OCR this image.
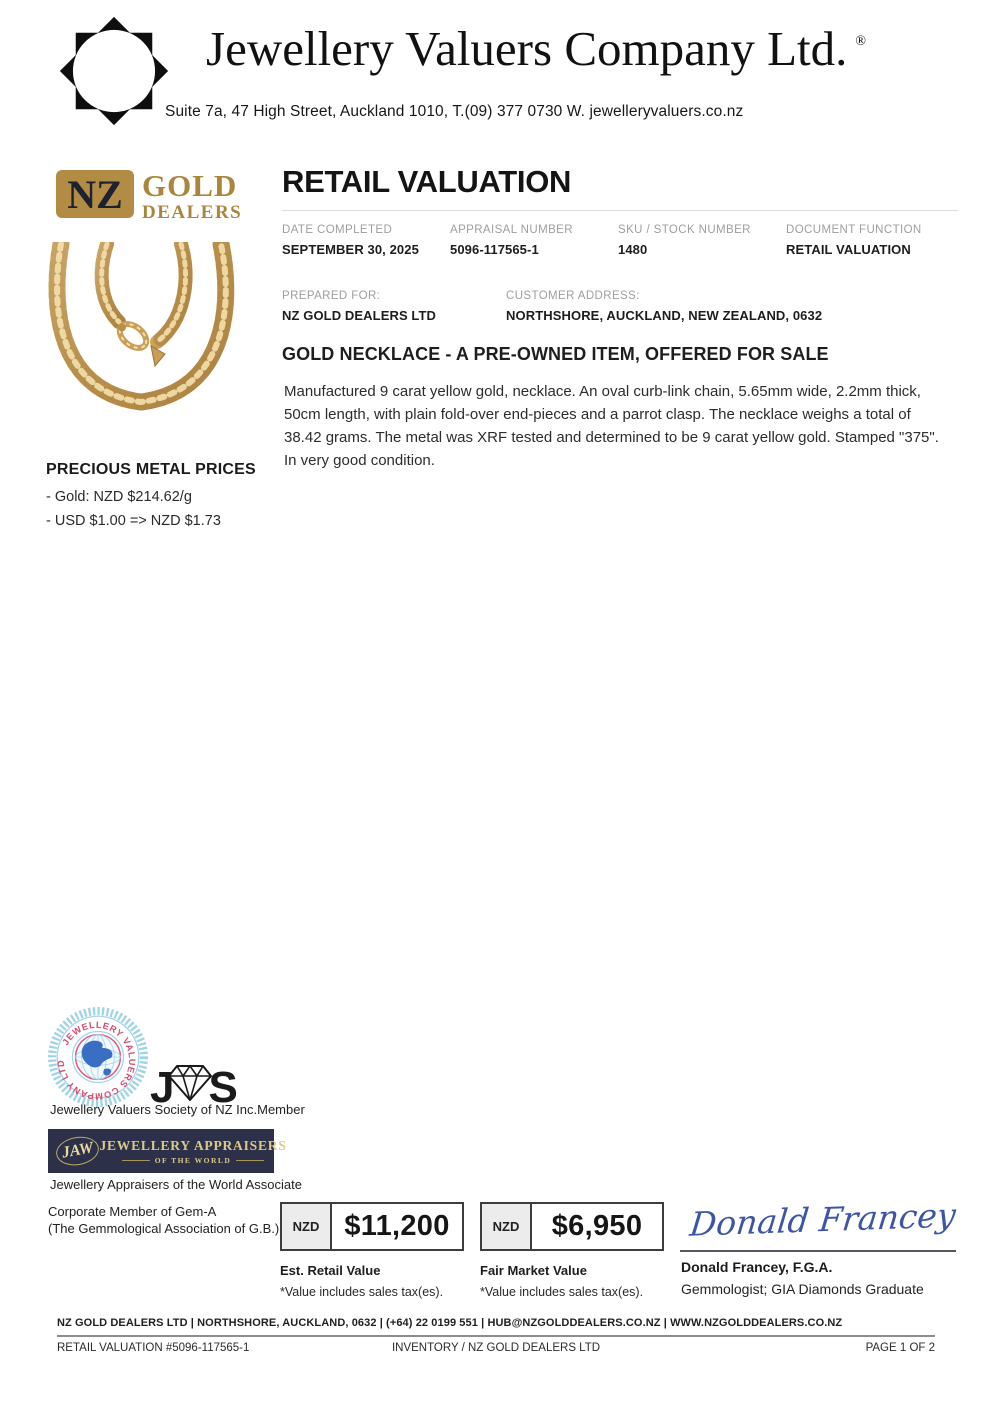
Jewellery Valuers Company Ltd. ®
Suite 7a, 47 High Street, Auckland 1010, T.(09) 377 0730 W. jewelleryvaluers.co.nz
NZ GOLD
DEALERS
RETAIL VALUATION
DATE COMPLETED
SEPTEMBER 30, 2025
APPRAISAL NUMBER
5096-117565-1
SKU / STOCK NUMBER
1480
DOCUMENT FUNCTION
RETAIL VALUATION
PREPARED FOR:
NZ GOLD DEALERS LTD
CUSTOMER ADDRESS:
NORTHSHORE, AUCKLAND, NEW ZEALAND, 0632
GOLD NECKLACE - A PRE-OWNED ITEM, OFFERED FOR SALE
Manufactured 9 carat yellow gold, necklace. An oval curb-link chain, 5.65mm wide, 2.2mm thick, 50cm length, with plain fold-over end-pieces and a parrot clasp. The necklace weighs a total of 38.42 grams. The metal was XRF tested and determined to be 9 carat yellow gold. Stamped "375". In very good condition.
PRECIOUS METAL PRICES
- Gold: NZD $214.62/g
- USD $1.00 => NZD $1.73
JEWELLERY VALUERS COMPANY LTD	J S
Jewellery Valuers Society of NZ Inc.Member
JAW JEWELLERY APPRAISERS
OF THE WORLD
Jewellery Appraisers of the World Associate
Corporate Member of Gem-A
(The Gemmological Association of G.B.)	NZD $11,200
Est. Retail Value
*Value includes sales tax(es).
NZD	$6,950
Fair Market Value
*Value includes sales tax(es).
Donald Francey
Donald Francey, F.G.A.
Gemmologist; GIA Diamonds Graduate
NZ GOLD DEALERS LTD | NORTHSHORE, AUCKLAND, 0632 | (+64) 22 0199 551 | HUB@NZGOLDDEALERS.CO.NZ | WWW.NZGOLDDEALERS.CO.NZ
RETAIL VALUATION #5096-117565-1	INVENTORY / NZ GOLD DEALERS LTD	PAGE 1 OF 2
